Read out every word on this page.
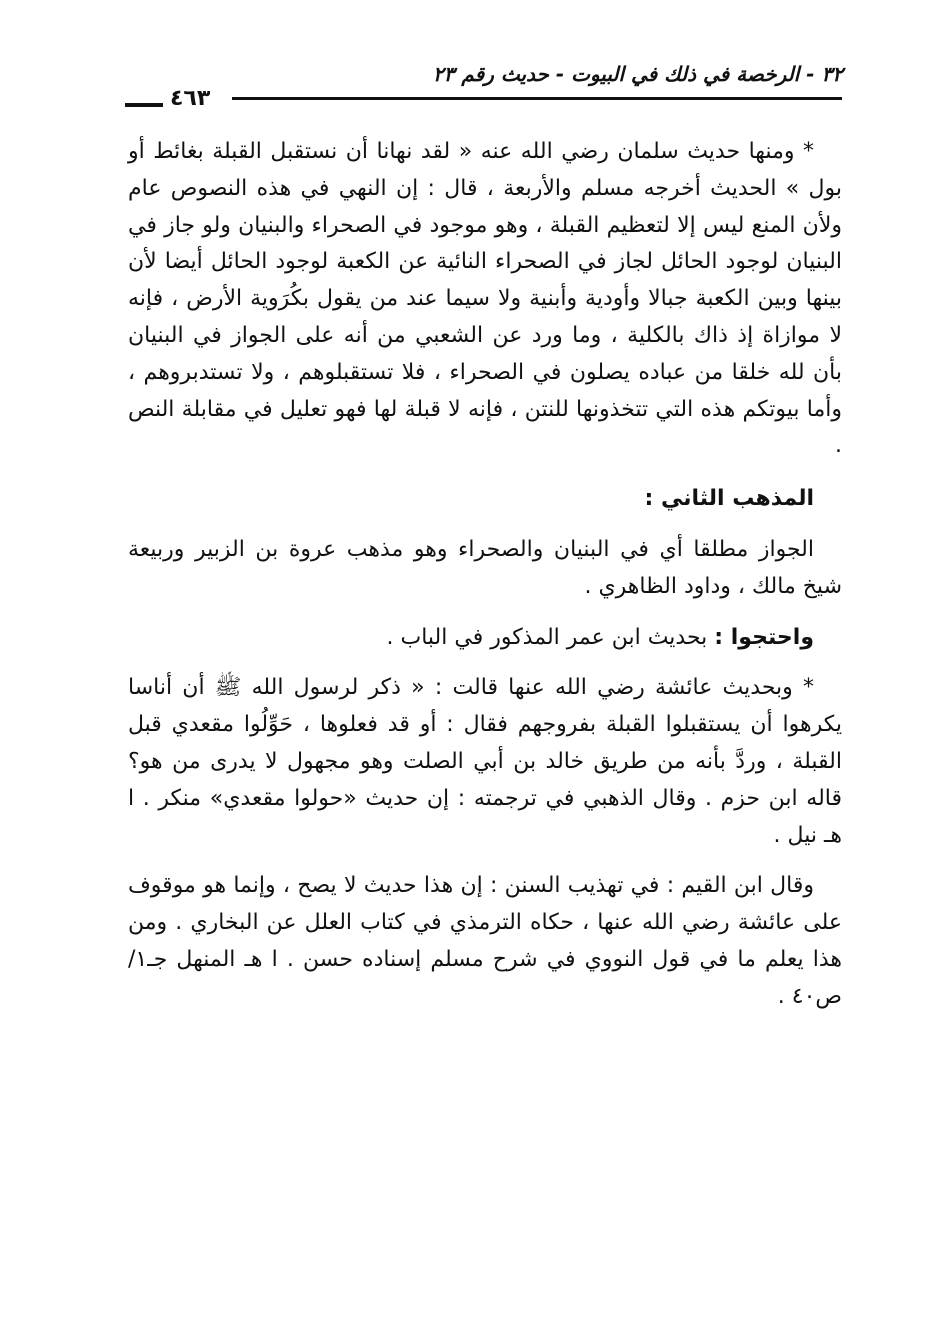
٣٢ - الرخصة في ذلك في البيوت - حديث رقم ٢٣
٤٦٣

* ومنها حديث سلمان رضي الله عنه « لقد نهانا أن نستقبل القبلة بغائط أو بول » الحديث أخرجه مسلم والأربعة ، قال : إن النهي في هذه النصوص عام ولأن المنع ليس إلا لتعظيم القبلة ، وهو موجود في الصحراء والبنيان ولو جاز في البنيان لوجود الحائل لجاز في الصحراء النائية عن الكعبة لوجود الحائل أيضا لأن بينها وبين الكعبة جبالا وأودية وأبنية ولا سيما عند من يقول بكُرَوية الأرض ، فإنه لا موازاة إذ ذاك بالكلية ، وما ورد عن الشعبي من أنه على الجواز في البنيان بأن لله خلقا من عباده يصلون في الصحراء ، فلا تستقبلوهم ، ولا تستدبروهم ، وأما بيوتكم هذه التي تتخذونها للنتن ، فإنه لا قبلة لها فهو تعليل في مقابلة النص .

المذهب الثاني :

الجواز مطلقا أي في البنيان والصحراء وهو مذهب عروة بن الزبير وربيعة شيخ مالك ، وداود الظاهري .

واحتجوا : بحديث ابن عمر المذكور في الباب .

* وبحديث عائشة رضي الله عنها قالت : « ذكر لرسول الله ﷺ أن أناسا يكرهوا أن يستقبلوا القبلة بفروجهم فقال : أو قد فعلوها ، حَوِّلُوا مقعدي قبل القبلة ، وردَّ بأنه من طريق خالد بن أبي الصلت وهو مجهول لا يدرى من هو؟ قاله ابن حزم . وقال الذهبي في ترجمته : إن حديث «حولوا مقعدي» منكر . ا هـ نيل .

وقال ابن القيم : في تهذيب السنن : إن هذا حديث لا يصح ، وإنما هو موقوف على عائشة رضي الله عنها ، حكاه الترمذي في كتاب العلل عن البخاري . ومن هذا يعلم ما في قول النووي في شرح مسلم إسناده حسن . ا هـ المنهل جـ١/ ص٤٠ .
